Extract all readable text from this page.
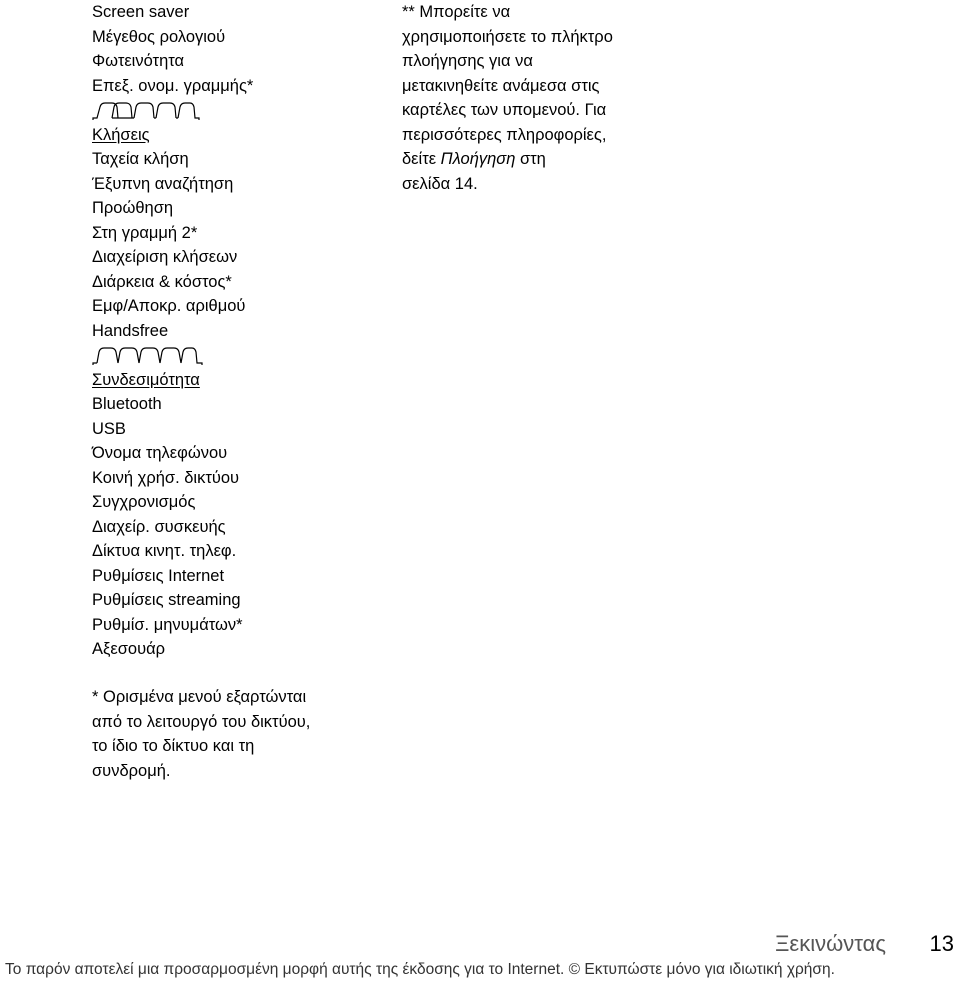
Screen saver
Μέγεθος ρολογιού
Φωτεινότητα
Επεξ. ονομ. γραμμής*
Κλήσεις
Ταχεία κλήση
Έξυπνη αναζήτηση
Προώθηση
Στη γραμμή 2*
Διαχείριση κλήσεων
Διάρκεια & κόστος*
Εμφ/Αποκρ. αριθμού
Handsfree
Συνδεσιμότητα
Bluetooth
USB
Όνομα τηλεφώνου
Κοινή χρήσ. δικτύου
Συγχρονισμός
Διαχείρ. συσκευής
Δίκτυα κινητ. τηλεφ.
Ρυθμίσεις Internet
Ρυθμίσεις streaming
Ρυθμίσ. μηνυμάτων*
Αξεσουάρ
* Ορισμένα μενού εξαρτώνται
από το λειτουργό του δικτύου,
το ίδιο το δίκτυο και τη
συνδρομή.
** Μπορείτε να
χρησιμοποιήσετε το πλήκτρο
πλοήγησης για να
μετακινηθείτε ανάμεσα στις
καρτέλες των υπομενού. Για
περισσότερες πληροφορίες,
δείτε Πλοήγηση στη
σελίδα 14.
Ξεκινώντας 13
Το παρόν αποτελεί μια προσαρμοσμένη μορφή αυτής της έκδοσης για το Internet. © Εκτυπώστε μόνο για ιδιωτική χρήση.
